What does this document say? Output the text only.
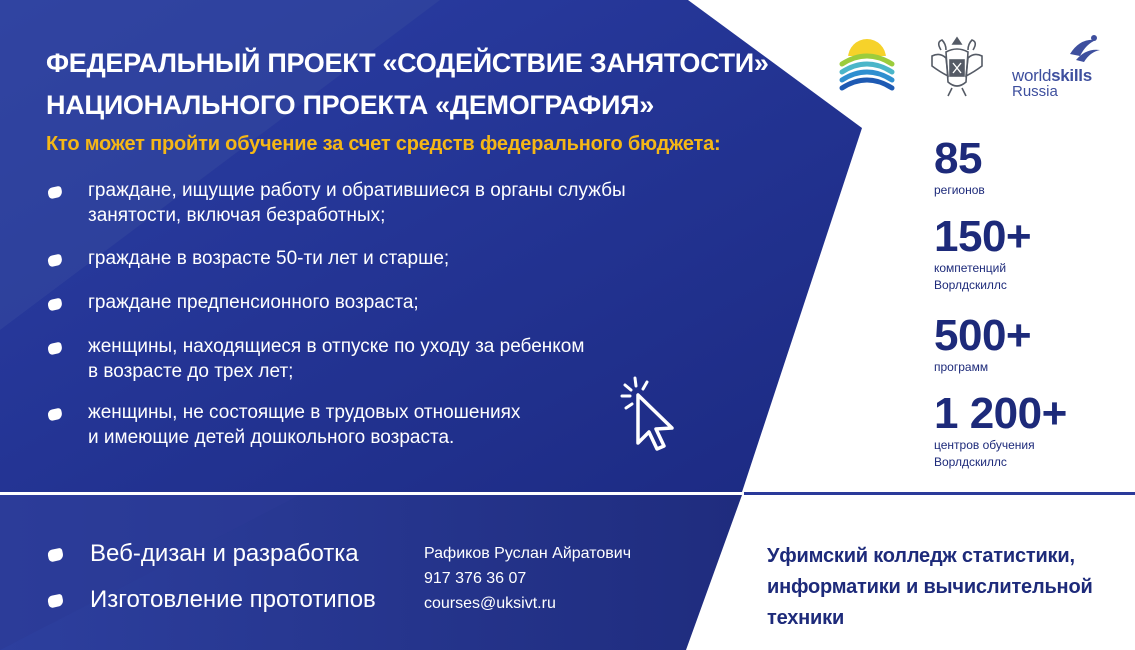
ФЕДЕРАЛЬНЫЙ ПРОЕКТ «СОДЕЙСТВИЕ ЗАНЯТОСТИ»
НАЦИОНАЛЬНОГО ПРОЕКТА «ДЕМОГРАФИЯ»
Кто может пройти обучение за счет средств федерального бюджета:
граждане, ищущие работу и обратившиеся в органы службы
занятости, включая безработных;
граждане в возрасте 50-ти лет и старше;
граждане предпенсионного возраста;
женщины, находящиеся в отпуске по уходу за ребенком
в возрасте до трех лет;
женщины, не состоящие в трудовых отношениях
и имеющие детей дошкольного возраста.
worldskills
Russia
85
регионов
150+
компетенций
Ворлдскиллс
500+
программ
1 200+
центров обучения
Ворлдскиллс
Веб-дизан и разработка
Изготовление прототипов
Рафиков Руслан Айратович
917 376 36 07
courses@uksivt.ru
Уфимский колледж статистики,
информатики и вычислительной
техники
